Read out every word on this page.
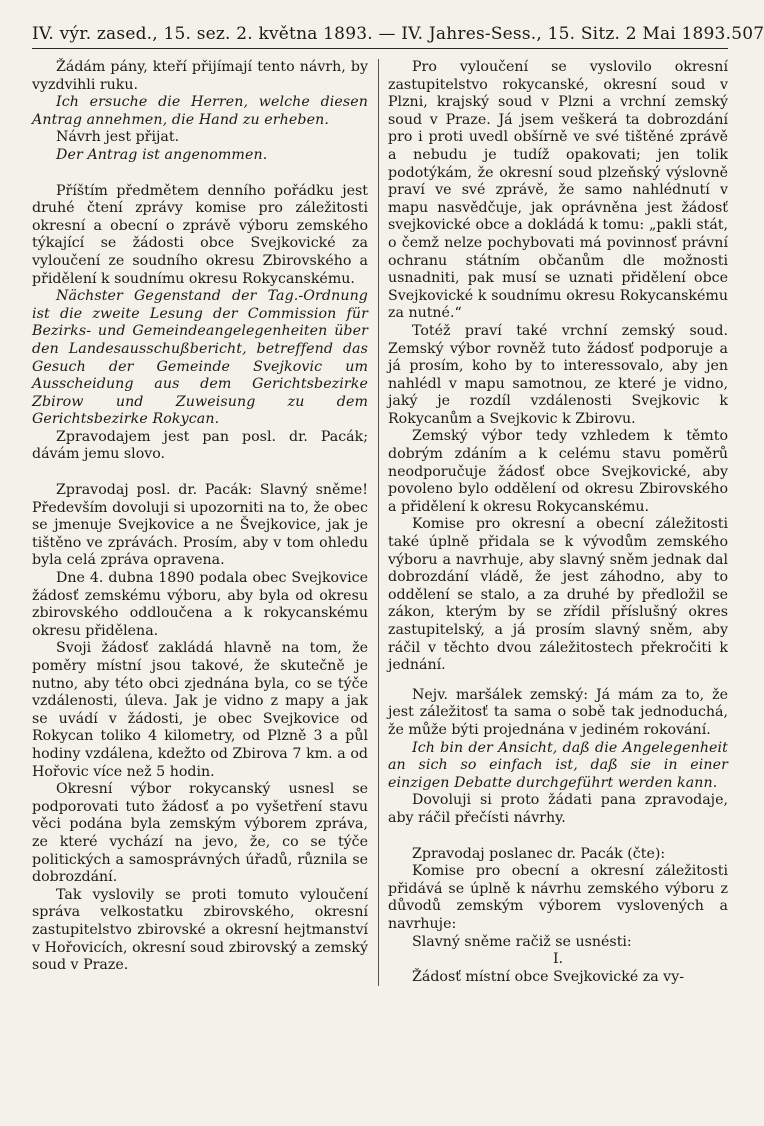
IV. výr. zased., 15. sez. 2. května 1893. — IV. Jahres-Sess., 15. Sitz. 2 Mai 1893. 507

Žádám pány, kteří přijímají tento návrh, by vyzdvihli ruku.

Ich ersuche die Herren, welche diesen Antrag annehmen, die Hand zu erheben.

Návrh jest přijat.

Der Antrag ist angenommen.

Příštím předmětem denního pořádku jest druhé čtení zprávy komise pro záležitosti okresní a obecní o zprávě výboru zemského týkající se žádosti obce Svejkovické za vyloučení ze soudního okresu Zbirovského a přidělení k soudnímu okresu Rokycanskému.

Nächster Gegenstand der Tag.-Ordnung ist die zweite Lesung der Commission für Bezirks- und Gemeindeangelegenheiten über den Landesausschußbericht, betreffend das Gesuch der Gemeinde Svejkovic um Ausscheidung aus dem Gerichtsbezirke Zbirow und Zuweisung zu dem Gerichtsbezirke Rokycan.

Zpravodajem jest pan posl. dr. Pacák; dávám jemu slovo.

Zpravodaj posl. dr. Pacák: Slavný sněme! Především dovoluji si upozorniti na to, že obec se jmenuje Svejkovice a ne Švejkovice, jak je tištěno ve zprávách. Prosím, aby v tom ohledu byla celá zpráva opravena.

Dne 4. dubna 1890 podala obec Svejkovice žádosť zemskému výboru, aby byla od okresu zbirovského oddloučena a k rokycanskému okresu přidělena.

Svoji žádosť zakládá hlavně na tom, že poměry místní jsou takové, že skutečně je nutno, aby této obci zjednána byla, co se týče vzdálenosti, úleva. Jak je vidno z mapy a jak se uvádí v žádosti, je obec Svejkovice od Rokycan toliko 4 kilometry, od Plzně 3 a půl hodiny vzdálena, kdežto od Zbirova 7 km. a od Hořovic více než 5 hodin.

Okresní výbor rokycanský usnesl se podporovati tuto žádosť a po vyšetření stavu věci podána byla zemským výborem zpráva, ze které vychází na jevo, že, co se týče politických a samosprávných úřadů, různila se dobrozdání.

Tak vyslovily se proti tomuto vyloučení správa velkostatku zbirovského, okresní zastupitelstvo zbirovské a okresní hejtmanství v Hořovicích, okresní soud zbirovský a zemský soud v Praze.

Pro vyloučení se vyslovilo okresní zastupitelstvo rokycanské, okresní soud v Plzni, krajský soud v Plzni a vrchní zemský soud v Praze. Já jsem veškerá ta dobrozdání pro i proti uvedl obšírně ve své tištěné zprávě a nebudu je tudíž opakovati; jen tolik podotýkám, že okresní soud plzeňský výslovně praví ve své zprávě, že samo nahlédnutí v mapu nasvědčuje, jak oprávněna jest žádosť svejkovické obce a dokládá k tomu: „pakli stát, o čemž nelze pochybovati má povinnosť právní ochranu státním občanům dle možnosti usnadniti, pak musí se uznati přidělení obce Svejkovické k soudnímu okresu Rokycanskému za nutné.“

Totéž praví také vrchní zemský soud. Zemský výbor rovněž tuto žádosť podporuje a já prosím, koho by to interessovalo, aby jen nahlédl v mapu samotnou, ze které je vidno, jaký je rozdíl vzdálenosti Svejkovic k Rokycanům a Svejkovic k Zbirovu.

Zemský výbor tedy vzhledem k těmto dobrým zdáním a k celému stavu poměrů neodporučuje žádosť obce Svejkovické, aby povoleno bylo oddělení od okresu Zbirovského a přidělení k okresu Rokycanskému.

Komise pro okresní a obecní záležitosti také úplně přidala se k vývodům zemského výboru a navrhuje, aby slavný sněm jednak dal dobrozdání vládě, že jest záhodno, aby to oddělení se stalo, a za druhé by předložil se zákon, kterým by se zřídil příslušný okres zastupitelský, a já prosím slavný sněm, aby ráčil v těchto dvou záležitostech překročiti k jednání.

Nejv. maršálek zemský: Já mám za to, že jest záležitosť ta sama o sobě tak jednoduchá, že může býti projednána v jediném rokování.

Ich bin der Ansicht, daß die Angelegenheit an sich so einfach ist, daß sie in einer einzigen Debatte durchgeführt werden kann.

Dovoluji si proto žádati pana zpravodaje, aby ráčil přečísti návrhy.

Zpravodaj poslanec dr. Pacák (čte):

Komise pro obecní a okresní záležitosti přidává se úplně k návrhu zemského výboru z důvodů zemským výborem vyslovených a navrhuje:

Slavný sněme račiž se usnésti:

I.

Žádosť místní obce Svejkovické za vy-
